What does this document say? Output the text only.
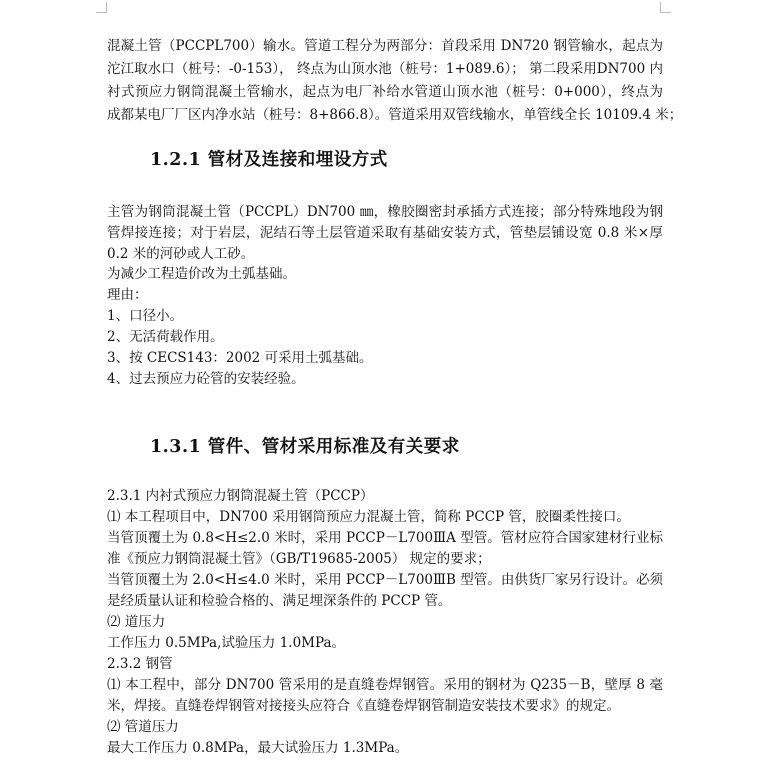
混凝土管（PCCPL700）输水。管道工程分为两部分：首段采用 DN720 钢管输水，起点为
沱江取水口（桩号：-0-153）， 终点为山顶水池（桩号：1+089.6）； 第二段采用DN700 内
衬式预应力钢筒混凝土管输水，起点为电厂补给水管道山顶水池（桩号：0+000），终点为
成都某电厂厂区内净水站（桩号：8+866.8）。管道采用双管线输水，单管线全长 10109.4 米；
1.2.1 管材及连接和埋设方式
主管为钢筒混凝土管（PCCPL）DN700 ㎜，橡胶圈密封承插方式连接；部分特殊地段为钢
管焊接连接；对于岩层，泥结石等土层管道采取有基础安装方式，管垫层铺设宽 0.8 米×厚
0.2 米的河砂或人工砂。
为减少工程造价改为土弧基础。
理由：
1、口径小。
2、无活荷载作用。
3、按 CECS143：2002 可采用土弧基础。
4、过去预应力砼管的安装经验。
1.3.1 管件、管材采用标准及有关要求
2.3.1 内衬式预应力钢筒混凝土管（PCCP）
⑴ 本工程项目中，DN700 采用钢筒预应力混凝土管，简称 PCCP 管，胶圈柔性接口。
当管顶覆土为 0.8<H≤2.0 米时，采用 PCCP－L700ⅢA 型管。管材应符合国家建材行业标
准《预应力钢筒混凝土管》（GB/T19685-2005） 规定的要求；
当管顶覆土为 2.0<H≤4.0 米时，采用 PCCP－L700ⅢB 型管。由供货厂家另行设计。必须
是经质量认证和检验合格的、满足埋深条件的 PCCP 管。
⑵ 道压力
工作压力 0.5MPa,试验压力 1.0MPa。
2.3.2 钢管
⑴ 本工程中，部分 DN700 管采用的是直缝卷焊钢管。采用的钢材为 Q235－B，壁厚 8 毫
米，焊接。直缝卷焊钢管对接接头应符合《直缝卷焊钢管制造安装技术要求》的规定。
⑵ 管道压力
最大工作压力 0.8MPa，最大试验压力 1.3MPa。
